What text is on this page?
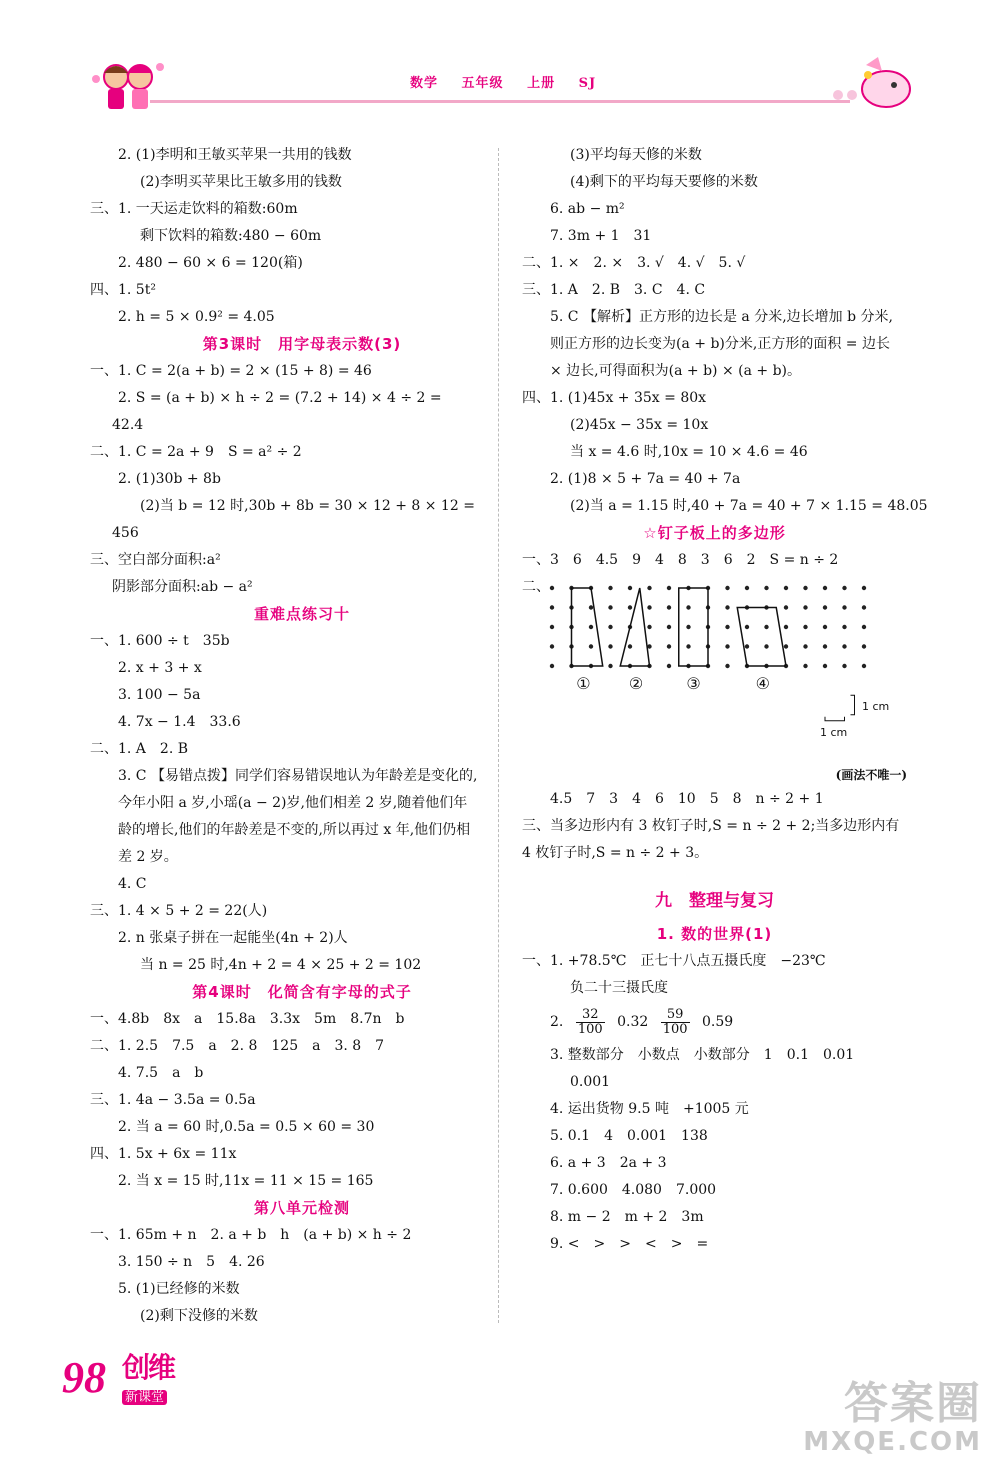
数学 五年级 上册 SJ
2. (1)李明和王敏买苹果一共用的钱数
(2)李明买苹果比王敏多用的钱数
三、1. 一天运走饮料的箱数:60m
剩下饮料的箱数:480 − 60m
2. 480 − 60 × 6 = 120(箱)
四、1. 5t²
2. h = 5 × 0.9² = 4.05
第3课时　用字母表示数(3)
一、1. C = 2(a + b) = 2 × (15 + 8) = 46
2. S = (a + b) × h ÷ 2 = (7.2 + 14) × 4 ÷ 2 =
42.4
二、1. C = 2a + 9　S = a² ÷ 2
2. (1)30b + 8b
(2)当 b = 12 时,30b + 8b = 30 × 12 + 8 × 12 =
456
三、空白部分面积:a²
阴影部分面积:ab − a²
重难点练习十
一、1. 600 ÷ t　35b
2. x + 3 + x
3. 100 − 5a
4. 7x − 1.4　33.6
二、1. A　2. B
3. C 【易错点拨】同学们容易错误地认为年龄差是变化的,今年小阳 a 岁,小瑶(a − 2)岁,他们相差 2 岁,随着他们年龄的增长,他们的年龄差是不变的,所以再过 x 年,他们仍相差 2 岁。
4. C
三、1. 4 × 5 + 2 = 22(人)
2. n 张桌子拼在一起能坐(4n + 2)人
当 n = 25 时,4n + 2 = 4 × 25 + 2 = 102
第4课时　化简含有字母的式子
一、4.8b　8x　a　15.8a　3.3x　5m　8.7n　b
二、1. 2.5　7.5　a　2. 8　125　a　3. 8　7
4. 7.5　a　b
三、1. 4a − 3.5a = 0.5a
2. 当 a = 60 时,0.5a = 0.5 × 60 = 30
四、1. 5x + 6x = 11x
2. 当 x = 15 时,11x = 11 × 15 = 165
第八单元检测
一、1. 65m + n　2. a + b　h　(a + b) × h ÷ 2
3. 150 ÷ n　5　4. 26
5. (1)已经修的米数
(2)剩下没修的米数
(3)平均每天修的米数
(4)剩下的平均每天要修的米数
6. ab − m²
7. 3m + 1　31
二、1. ×　2. ×　3. √　4. √　5. √
三、1. A　2. B　3. C　4. C
5. C 【解析】正方形的边长是 a 分米,边长增加 b 分米,则正方形的边长变为(a + b)分米,正方形的面积 = 边长 × 边长,可得面积为(a + b) × (a + b)。
四、1. (1)45x + 35x = 80x
(2)45x − 35x = 10x
当 x = 4.6 时,10x = 10 × 4.6 = 46
2. (1)8 × 5 + 7a = 40 + 7a
(2)当 a = 1.15 时,40 + 7a = 40 + 7 × 1.15 = 48.05
☆钉子板上的多边形
一、3　6　4.5　9　4　8　3　6　2　S = n ÷ 2
二、
① ②	③	④
1 cm
1 cm
(画法不唯一)
4.5　7　3　4　6　10　5　8　n ÷ 2 + 1
三、当多边形内有 3 枚钉子时,S = n ÷ 2 + 2;当多边形内有 4 枚钉子时,S = n ÷ 2 + 3。
九　整理与复习
1. 数的世界(1)
一、1. +78.5℃　正七十八点五摄氏度　−23℃
负二十三摄氏度
2. $\frac{32}{100} 0.32 \frac{59}{100} 0.59$
3. 整数部分　小数点　小数部分　1　0.1　0.01
0.001
4. 运出货物 9.5 吨　+1005 元
5. 0.1　4　0.001　138
6. a + 3　2a + 3
7. 0.600　4.080　7.000
8. m − 2　m + 2　3m
9. <　>　>　<　>　=
98 创维
新课堂	答案圈
MXQE.COM
